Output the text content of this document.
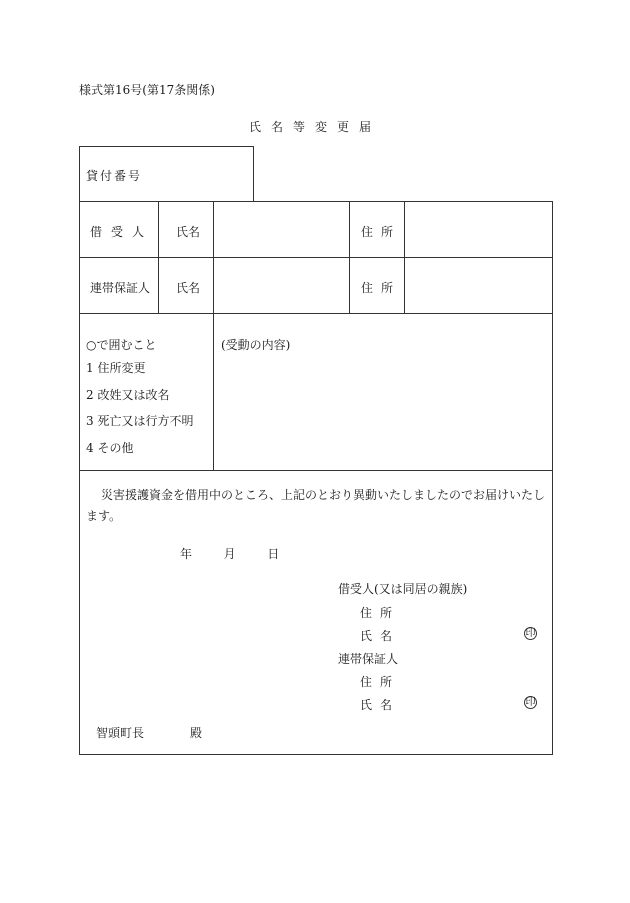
様式第16号(第17条関係)
氏名等変更届
貸付番号
借受人 氏名	住所
連帯保証人 氏名	住所
○で囲むこと
1 住所変更
2 改姓又は改名
3 死亡又は行方不明
4 その他
(受動の内容)
災害援護資金を借用中のところ、上記のとおり異動いたしましたのでお届けいたします。
年	月	日
借受人(又は同居の親族)
住所
氏名	印
連帯保証人
住所
氏名	印
智頭町長	殿
